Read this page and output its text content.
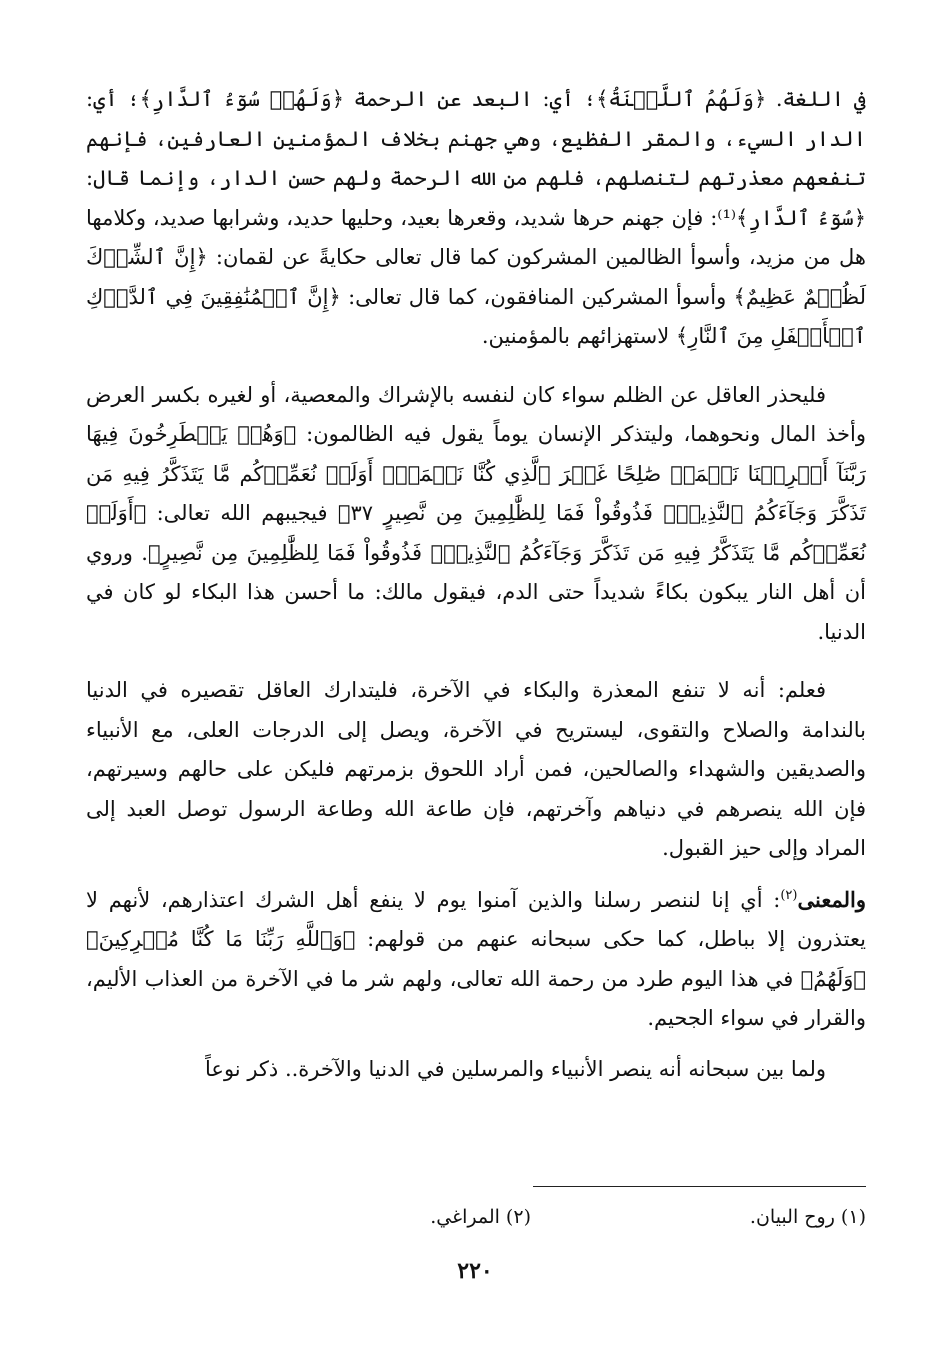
في اللغة. ﴿وَلَهُمُ ٱللَّعۡنَةُ﴾؛ أي: البعد عن الرحمة ﴿وَلَهُمۡ سُوٓءُ ٱلدَّارِ﴾؛ أي: الدار السيء، والمقر الفظيع، وهي جهنم بخلاف المؤمنين العارفين، فإنهم تنفعهم معذرتهم لتنصلهم، فلهم من الله الرحمة ولهم حسن الدار، وإنما قال: ﴿سُوٓءُ ٱلدَّارِ﴾⁽¹⁾: فإن جهنم حرها شديد، وقعرها بعيد، وحليها حديد، وشرابها صديد، وكلامها هل من مزيد، وأسوأ الظالمين المشركون كما قال تعالى حكايةً عن لقمان: ﴿إِنَّ ٱلشِّرۡكَ لَظُلۡمٌ عَظِيمٌ﴾ وأسوأ المشركين المنافقون، كما قال تعالى: ﴿إِنَّ ٱلۡمُنَٰفِقِينَ فِي ٱلدَّرۡكِ ٱلۡأَسۡفَلِ مِنَ ٱلنَّارِ﴾ لاستهزائهم بالمؤمنين.

فليحذر العاقل عن الظلم سواء كان لنفسه بالإشراك والمعصية، أو لغيره بكسر العرض وأخذ المال ونحوهما، وليتذكر الإنسان يوماً يقول فيه الظالمون: ﴿وَهُمۡ يَصۡطَرِخُونَ فِيهَا رَبَّنَآ أَخۡرِجۡنَا نَعۡمَلۡ صَٰلِحًا غَيۡرَ ٱلَّذِي كُنَّا نَعۡمَلُۚ أَوَلَمۡ نُعَمِّرۡكُم مَّا يَتَذَكَّرُ فِيهِ مَن تَذَكَّرَ وَجَآءَكُمُ ٱلنَّذِيرُۖ فَذُوقُواْ فَمَا لِلظَّٰلِمِينَ مِن نَّصِيرٍ ٣٧﴾ فيجيبهم الله تعالى: ﴿أَوَلَمۡ نُعَمِّرۡكُم مَّا يَتَذَكَّرُ فِيهِ مَن تَذَكَّرَ وَجَآءَكُمُ ٱلنَّذِيرُۖ فَذُوقُواْ فَمَا لِلظَّٰلِمِينَ مِن نَّصِيرٍ﴾. وروي أن أهل النار يبكون بكاءً شديداً حتى الدم، فيقول مالك: ما أحسن هذا البكاء لو كان في الدنيا.

فعلم: أنه لا تنفع المعذرة والبكاء في الآخرة، فليتدارك العاقل تقصيره في الدنيا بالندامة والصلاح والتقوى، ليستريح في الآخرة، ويصل إلى الدرجات العلى، مع الأنبياء والصديقين والشهداء والصالحين، فمن أراد اللحوق بزمرتهم فليكن على حالهم وسيرتهم، فإن الله ينصرهم في دنياهم وآخرتهم، فإن طاعة الله وطاعة الرسول توصل العبد إلى المراد وإلى حيز القبول.

والمعنى$^{(٢)}$: أي إنا لننصر رسلنا والذين آمنوا يوم لا ينفع أهل الشرك اعتذارهم، لأنهم لا يعتذرون إلا بباطل، كما حكى سبحانه عنهم من قولهم: ﴿وَٱللَّهِ رَبِّنَا مَا كُنَّا مُشۡرِكِينَ﴾ ﴿وَلَهُمُ﴾ في هذا اليوم طرد من رحمة الله تعالى، ولهم شر ما في الآخرة من العذاب الأليم، والقرار في سواء الجحيم.

ولما بين سبحانه أنه ينصر الأنبياء والمرسلين في الدنيا والآخرة.. ذكر نوعاً

(١) روح البيان.
(٢) المراغي.
٢٢٠
